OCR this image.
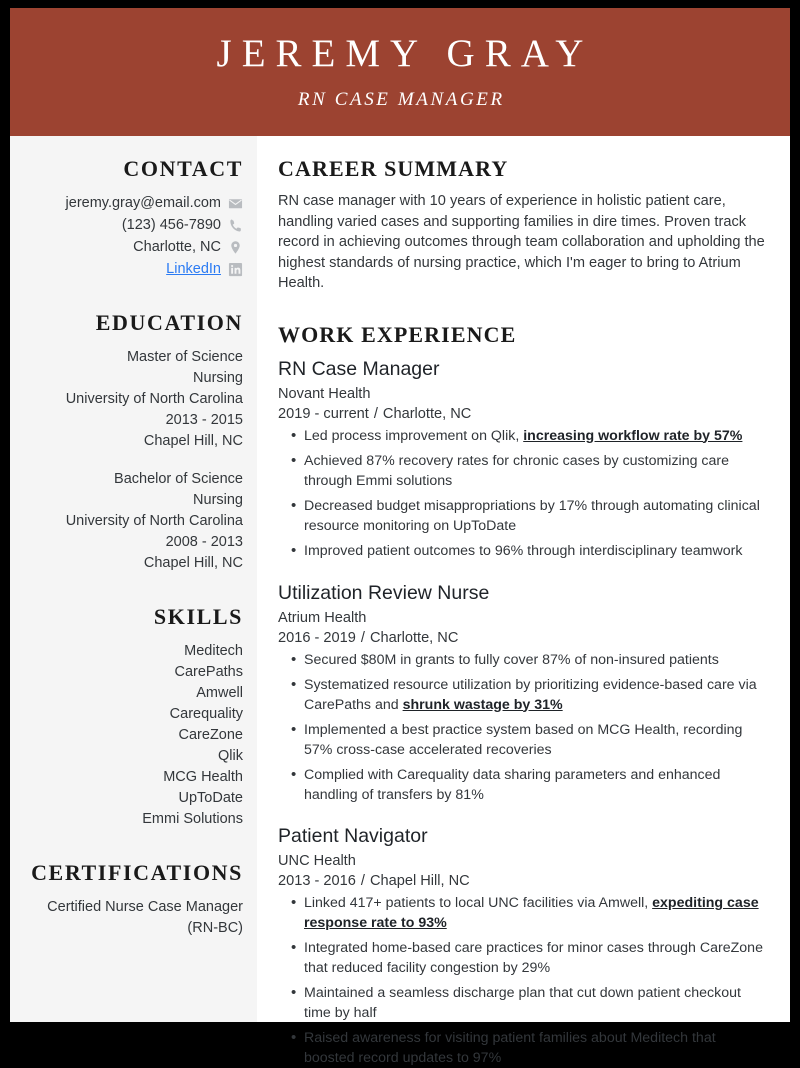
JEREMY GRAY
RN CASE MANAGER
CONTACT
jeremy.gray@email.com
(123) 456-7890
Charlotte, NC
LinkedIn
EDUCATION
Master of Science
Nursing
University of North Carolina
2013 - 2015
Chapel Hill, NC
Bachelor of Science
Nursing
University of North Carolina
2008 - 2013
Chapel Hill, NC
SKILLS
Meditech
CarePaths
Amwell
Carequality
CareZone
Qlik
MCG Health
UpToDate
Emmi Solutions
CERTIFICATIONS
Certified Nurse Case Manager
(RN-BC)
CAREER SUMMARY

RN case manager with 10 years of experience in holistic patient care, handling varied cases and supporting families in dire times. Proven track record in achieving outcomes through team collaboration and upholding the highest standards of nursing practice, which I'm eager to bring to Atrium Health.

WORK EXPERIENCE
RN Case Manager
Novant Health
2019 - current / Charlotte, NC
• Led process improvement on Qlik, increasing workflow rate by 57%
• Achieved 87% recovery rates for chronic cases by customizing care through Emmi solutions
• Decreased budget misappropriations by 17% through automating clinical resource monitoring on UpToDate
• Improved patient outcomes to 96% through interdisciplinary teamwork
Utilization Review Nurse
Atrium Health
2016 - 2019 / Charlotte, NC
• Secured $80M in grants to fully cover 87% of non-insured patients
• Systematized resource utilization by prioritizing evidence-based care via CarePaths and shrunk wastage by 31%
• Implemented a best practice system based on MCG Health, recording 57% cross-case accelerated recoveries
• Complied with Carequality data sharing parameters and enhanced handling of transfers by 81%
Patient Navigator
UNC Health
2013 - 2016 / Chapel Hill, NC
• Linked 417+ patients to local UNC facilities via Amwell, expediting case response rate to 93%
• Integrated home-based care practices for minor cases through CareZone that reduced facility congestion by 29%
• Maintained a seamless discharge plan that cut down patient checkout time by half
• Raised awareness for visiting patient families about Meditech that boosted record updates to 97%
